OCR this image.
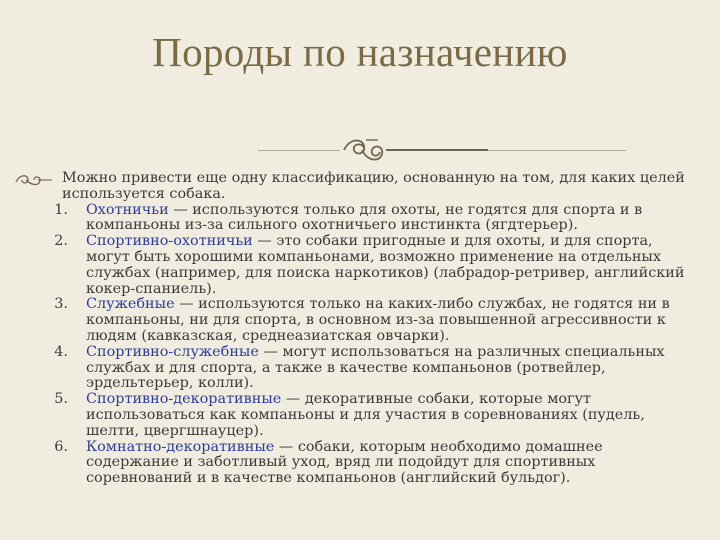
Породы по назначению
Можно привести еще одну классификацию, основанную на том, для каких целей используется собака.
1. Охотничьи — используются только для охоты, не годятся для спорта и в компаньоны из-за сильного охотничьего инстинкта (ягдтерьер).
2. Спортивно-охотничьи — это собаки пригодные и для охоты, и для спорта, могут быть хорошими компаньонами, возможно применение на отдельных службах (например, для поиска наркотиков) (лабрадор-ретривер, английский кокер-спаниель).
3. Служебные — используются только на каких-либо службах, не годятся ни в компаньоны, ни для спорта, в основном из-за повышенной агрессивности к людям (кавказская, среднеазиатская овчарки).
4. Спортивно-служебные — могут использоваться на различных специальных службах и для спорта, а также в качестве компаньонов (ротвейлер, эрдельтерьер, колли).
5. Спортивно-декоративные — декоративные собаки, которые могут использоваться как компаньоны и для участия в соревнованиях (пудель, шелти, цвергшнауцер).
6. Комнатно-декоративные — собаки, которым необходимо домашнее содержание и заботливый уход, вряд ли подойдут для спортивных соревнований и в качестве компаньонов (английский бульдог).
